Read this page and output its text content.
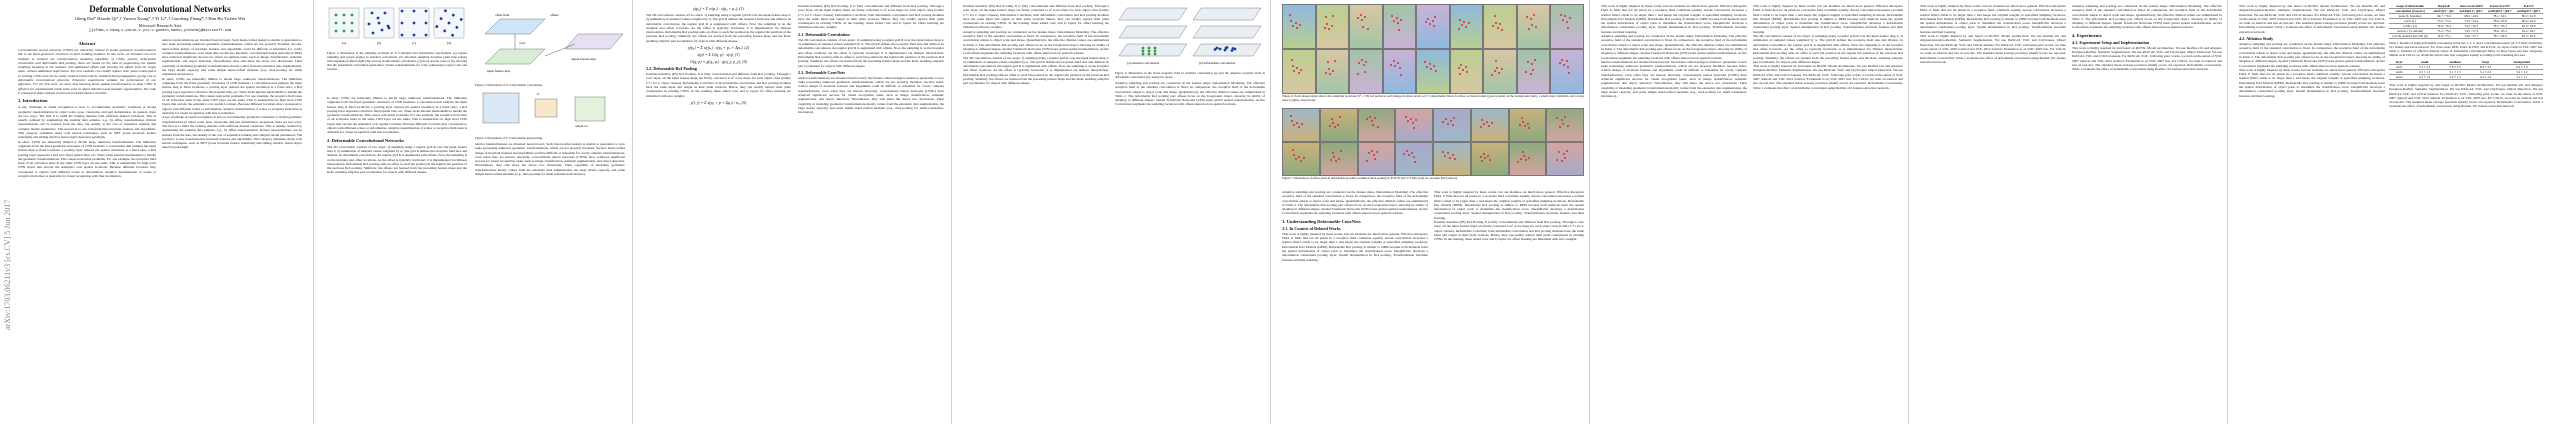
arXiv:1703.06211v3 [cs.CV] 5 Jun 2017
Deformable Convolutional Networks
Jifeng Dai* Haozhi Qi*,† Yuwen Xiong*,† Yi Li*,† Guodong Zhang*,† Han Hu Yichen Wei
Microsoft Research Asia
{jifdai,v-haoq,v-yuxio,v-yii,v-guodzh,hanhu,yichenw}@microsoft.com
Abstract
Convolutional neural networks (CNNs) are inherently limited to model geometric transformations due to the fixed geometric structures in their building modules. In this work, we introduce two new modules to enhance the transformation modeling capability of CNNs, namely, deformable convolution and deformable RoI pooling. Both are based on the idea of augmenting the spatial sampling locations in the modules with additional offsets and learning the offsets from the target tasks, without additional supervision. The new modules can readily replace their plain counterparts in existing CNNs and can be easily trained end-to-end by standard back-propagation, giving rise to deformable convolutional networks. Extensive experiments validate the performance of our approach. For the first time, we show that learning dense spatial transformation in deep CNNs is effective for sophisticated vision tasks such as object detection and semantic segmentation. The code is released at https://github.com/msracver/Deformable-ConvNets.
1. Introduction
A key challenge in visual recognition is how to accommodate geometric variations or model geometric transformations in object scale, pose, viewpoint, and part deformation. In general, there are two ways. The first is to build the training datasets with sufficient desired variations. This is usually realized by augmenting the existing data samples, e.g., by affine transformation. Robust representations can be learned from the data, but usually at the cost of expensive training and complex model parameters. The second is to use transformation-invariant features and algorithms. This category subsumes many well known techniques, such as SIFT (scale invariant feature transform) and sliding window based object detection paradigm.
In short, CNNs are inherently limited to model large, unknown transformations. The limitation originates from the fixed geometric structures of CNN modules: a convolution unit samples the input feature map at fixed locations; a pooling layer reduces the spatial resolution at a fixed ratio; a RoI pooling layer separates a RoI into fixed spatial bins, etc. There lacks internal mechanisms to handle the geometric transformations. This causes noticeable problems. For one example, the receptive field sizes of all activation units in the same CNN layer are the same. This is undesirable for high level CNN layers that encode the semantics over spatial locations. Because different locations may correspond to objects with different scales or deformation, adaptive determination of scales or receptive field sizes is desirable for visual recognition with fine localization.
tensive transformations are invented feed-forward. Such hand-crafted design is unable to generalize to new tasks possessing unknown geometric transformations, which are not properly modeled. Second, hand-crafted design of invariant features and algorithms could be difficult or infeasible for overly complex transformations, even when they are known. Recently, convolutional neural networks (CNNs) have achieved significant success for visual recognition tasks, such as image classification, semantic segmentation, and object detection. Nevertheless, they still share the above two drawbacks. Their capability of modeling geometric transformations mostly comes from the extensive data augmentation, the large model capacity, and some simple hand-crafted modules (e.g., max-pooling for small translation-invariance).
In short, CNNs are inherently limited to model large, unknown transformations. The limitation originates from the fixed geometric structures of CNN modules: a convolution unit samples the input feature map at fixed locations; a pooling layer reduces the spatial resolution at a fixed ratio; a RoI pooling layer separates a RoI into fixed spatial bins, etc. There lacks internal mechanisms to handle the geometric transformations. This causes noticeable problems. For one example, the receptive field sizes of all activation units in the same CNN layer are the same. This is undesirable for high level CNN layers that encode the semantics over spatial locations. Because different locations may correspond to objects with different scales or deformation, adaptive determination of scales or receptive field sizes is desirable for visual recognition with fine localization.
A key challenge in visual recognition is how to accommodate geometric variations or model geometric transformations in object scale, pose, viewpoint, and part deformation. In general, there are two ways. The first is to build the training datasets with sufficient desired variations. This is usually realized by augmenting the existing data samples, e.g., by affine transformation. Robust representations can be learned from the data, but usually at the cost of expensive training and complex model parameters. The second is to use transformation-invariant features and algorithms. This category subsumes many well known techniques, such as SIFT (scale invariant feature transform) and sliding window based object detection paradigm.
(a)	(b)	(c)	(d)
Figure 1: Illustration of the sampling locations in 3×3 standard and deformable convolutions. (a) regular sampling grid (green points) of standard convolution. (b) deformed sampling locations (dark blue points) with augmented offsets (light blue arrows) in deformable convolution. (c)(d) are special cases of (b), showing that the deformable convolution generalizes various transformations for scale, (anisotropic) aspect ratio and rotation.
In short, CNNs are inherently limited to model large, unknown transformations. The limitation originates from the fixed geometric structures of CNN modules: a convolution unit samples the input feature map at fixed locations; a pooling layer reduces the spatial resolution at a fixed ratio; a RoI pooling layer separates a RoI into fixed spatial bins, etc. There lacks internal mechanisms to handle the geometric transformations. This causes noticeable problems. For one example, the receptive field sizes of all activation units in the same CNN layer are the same. This is undesirable for high level CNN layers that encode the semantics over spatial locations. Because different locations may correspond to objects with different scales or deformation, adaptive determination of scales or receptive field sizes is desirable for visual recognition with fine localization.
2. Deformable Convolutional Networks
The 2D convolution consists of two steps: 1) sampling using a regular grid R over the input feature map x; 2) summation of sampled values weighted by w. The grid R defines the receptive field size and dilation. In deformable convolution, the regular grid R is augmented with offsets. Now, the sampling is on the irregular and offset locations. As the offset is typically fractional, it is implemented via bilinear interpolation. Deformable RoI pooling adds an offset to each bin position in the regular bin partition of the previous RoI pooling. Similarly, the offsets are learned from the preceding feature maps and the RoIs, enabling adaptive part localization for objects with different shapes.
offset field	offsets
input feature map
output feature map
conv
Figure 2: Illustration of 3×3 deformable convolution.
fc
output roi
Figure 3: Illustration of 3×3 deformable RoI pooling.
tensive transformations are invented feed-forward. Such hand-crafted design is unable to generalize to new tasks possessing unknown geometric transformations, which are not properly modeled. Second, hand-crafted design of invariant features and algorithms could be difficult or infeasible for overly complex transformations, even when they are known. Recently, convolutional neural networks (CNNs) have achieved significant success for visual recognition tasks, such as image classification, semantic segmentation, and object detection. Nevertheless, they still share the above two drawbacks. Their capability of modeling geometric transformations mostly comes from the extensive data augmentation, the large model capacity, and some simple hand-crafted modules (e.g., max-pooling for small translation-invariance).
y(p₀) = Σ w(pₙ) · x(p₀ + pₙ), (1)
The 2D convolution consists of two steps: 1) sampling using a regular grid R over the input feature map x; 2) summation of sampled values weighted by w. The grid R defines the receptive field size and dilation. In deformable convolution, the regular grid R is augmented with offsets. Now, the sampling is on the irregular and offset locations. As the offset is typically fractional, it is implemented via bilinear interpolation. Deformable RoI pooling adds an offset to each bin position in the regular bin partition of the previous RoI pooling. Similarly, the offsets are learned from the preceding feature maps and the RoIs, enabling adaptive part localization for objects with different shapes.
y(p₀) = Σ w(pₙ) · x(p₀ + pₙ + Δpₙ). (2)
x(p) = Σ G(q, p) · x(q), (3)
G(q, p) = g(qₓ, pₓ) · g(q_y, p_y), (4)
2.2. Deformable RoI Pooling
Position-Sensitive (PS) RoI Pooling. It is fully convolutional and different from RoI pooling. Through a conv layer, all the input feature maps are firstly converted to k² score maps for each object class (totally C+1 for C object classes). Deformable ConvNets: both deformable convolution and RoI pooling modules have the same input and output as their plain versions. Hence, they can readily replace their plain counterparts in existing CNNs. In the training, these added conv and fc layers for offset learning are initialized with zero weights.
y(i, j) = Σ x(p₀ + p + Δpᵢⱼ) / nᵢⱼ, (5)
Position-Sensitive (PS) RoI Pooling. It is fully convolutional and different from RoI pooling. Through a conv layer, all the input feature maps are firstly converted to k² score maps for each object class (totally C+1 for C object classes). Deformable ConvNets: both deformable convolution and RoI pooling modules have the same input and output as their plain versions. Hence, they can readily replace their plain counterparts in existing CNNs. In the training, these added conv and fc layers for offset learning are initialized with zero weights.
2.1. Deformable Convolution
The 2D convolution consists of two steps: 1) sampling using a regular grid R over the input feature map x; 2) summation of sampled values weighted by w. The grid R defines the receptive field size and dilation. In deformable convolution, the regular grid R is augmented with offsets. Now, the sampling is on the irregular and offset locations. As the offset is typically fractional, it is implemented via bilinear interpolation. Deformable RoI pooling adds an offset to each bin position in the regular bin partition of the previous RoI pooling. Similarly, the offsets are learned from the preceding feature maps and the RoIs, enabling adaptive part localization for objects with different shapes.
2.3. Deformable ConvNets
tensive transformations are invented feed-forward. Such hand-crafted design is unable to generalize to new tasks possessing unknown geometric transformations, which are not properly modeled. Second, hand-crafted design of invariant features and algorithms could be difficult or infeasible for overly complex transformations, even when they are known. Recently, convolutional neural networks (CNNs) have achieved significant success for visual recognition tasks, such as image classification, semantic segmentation, and object detection. Nevertheless, they still share the above two drawbacks. Their capability of modeling geometric transformations mostly comes from the extensive data augmentation, the large model capacity, and some simple hand-crafted modules (e.g., max-pooling for small translation-invariance).
Position-Sensitive (PS) RoI Pooling. It is fully convolutional and different from RoI pooling. Through a conv layer, all the input feature maps are firstly converted to k² score maps for each object class (totally C+1 for C object classes). Deformable ConvNets: both deformable convolution and RoI pooling modules have the same input and output as their plain versions. Hence, they can readily replace their plain counterparts in existing CNNs. In the training, these added conv and fc layers for offset learning are initialized with zero weights.
Adaptive sampling and pooling are conducted on the feature maps. Deformation Modeling. The effective receptive field of the standard convolution is fixed. In comparison, the receptive field of the deformable convolution adapts to object scale and shape. Quantitatively, the effective dilation values are summarized in Table 2. The deformable RoI pooling part offsets focus on the foreground object, showing its ability of adapting to different shapes. Spatial Transform Networks (STN) learn global spatial transformation. Active Convolution augments the sampling locations with offsets shared across spatial locations.
The 2D convolution consists of two steps: 1) sampling using a regular grid R over the input feature map x; 2) summation of sampled values weighted by w. The grid R defines the receptive field size and dilation. In deformable convolution, the regular grid R is augmented with offsets. Now, the sampling is on the irregular and offset locations. As the offset is typically fractional, it is implemented via bilinear interpolation. Deformable RoI pooling adds an offset to each bin position in the regular bin partition of the previous RoI pooling. Similarly, the offsets are learned from the preceding feature maps and the RoIs, enabling adaptive part localization for objects with different shapes.
(a) standard convolution	(b) deformable convolution
Figure 5: Illustration of the fixed receptive field in standard convolution (a) and the adaptive receptive field in deformable convolution (b), using two layers.
Adaptive sampling and pooling are conducted on the feature maps. Deformation Modeling. The effective receptive field of the standard convolution is fixed. In comparison, the receptive field of the deformable convolution adapts to object scale and shape. Quantitatively, the effective dilation values are summarized in Table 2. The deformable RoI pooling part offsets focus on the foreground object, showing its ability of adapting to different shapes. Spatial Transform Networks (STN) learn global spatial transformation. Active Convolution augments the sampling locations with offsets shared across spatial locations.
Figure 6: Each image triplet shows the sampling locations (9³ = 729 red points in each image) in three levels of 3×3 deformable filters for three activation units (green points) on the background (left), a small object (middle), and a large object (right), respectively.
Figure 7: Illustration of offset parts in deformable (positive sensitive) RoI pooling in R-FCN and 3×3 bins (red) for an input RoI (yellow).
Adaptive sampling and pooling are conducted on the feature maps. Deformation Modeling. The effective receptive field of the standard convolution is fixed. In comparison, the receptive field of the deformable convolution adapts to object scale and shape. Quantitatively, the effective dilation values are summarized in Table 2. The deformable RoI pooling part offsets focus on the foreground object, showing its ability of adapting to different shapes. Spatial Transform Networks (STN) learn global spatial transformation. Active Convolution augments the sampling locations with offsets shared across spatial locations.
3. Understanding Deformable ConvNets
3.1. In Context of Related Works
This work is highly inspired by these works, but our modules are much more general. Effective Receptive Field. It finds that not all pixels in a receptive field contribute equally. Atrous convolution increases a normal filter's stride to be larger than 1 and keeps the original weights at sparsified sampling locations. Deformable Part Models (DPM). Deformable RoI pooling is similar to DPM because both methods learn the spatial deformation of object parts to maximize the classification score. DeepID-Net develops a deformation constrained pooling layer. Spatial manipulation in RoI pooling. Transformation invariant features and their learning.
This work is highly inspired by these works, but our modules are much more general. Effective Receptive Field. It finds that not all pixels in a receptive field contribute equally. Atrous convolution increases a normal filter's stride to be larger than 1 and keeps the original weights at sparsified sampling locations. Deformable Part Models (DPM). Deformable RoI pooling is similar to DPM because both methods learn the spatial deformation of object parts to maximize the classification score. DeepID-Net develops a deformation constrained pooling layer. Spatial manipulation in RoI pooling. Transformation invariant features and their learning.
Position-Sensitive (PS) RoI Pooling. It is fully convolutional and different from RoI pooling. Through a conv layer, all the input feature maps are firstly converted to k² score maps for each object class (totally C+1 for C object classes). Deformable ConvNets: both deformable convolution and RoI pooling modules have the same input and output as their plain versions. Hence, they can readily replace their plain counterparts in existing CNNs. In the training, these added conv and fc layers for offset learning are initialized with zero weights.
This work is highly inspired by these works, but our modules are much more general. Effective Receptive Field. It finds that not all pixels in a receptive field contribute equally. Atrous convolution increases a normal filter's stride to be larger than 1 and keeps the original weights at sparsified sampling locations. Deformable Part Models (DPM). Deformable RoI pooling is similar to DPM because both methods learn the spatial deformation of object parts to maximize the classification score. DeepID-Net develops a deformation constrained pooling layer. Spatial manipulation in RoI pooling. Transformation invariant features and their learning.
Adaptive sampling and pooling are conducted on the feature maps. Deformation Modeling. The effective receptive field of the standard convolution is fixed. In comparison, the receptive field of the deformable convolution adapts to object scale and shape. Quantitatively, the effective dilation values are summarized in Table 2. The deformable RoI pooling part offsets focus on the foreground object, showing its ability of adapting to different shapes. Spatial Transform Networks (STN) learn global spatial transformation. Active Convolution augments the sampling locations with offsets shared across spatial locations.
tensive transformations are invented feed-forward. Such hand-crafted design is unable to generalize to new tasks possessing unknown geometric transformations, which are not properly modeled. Second, hand-crafted design of invariant features and algorithms could be difficult or infeasible for overly complex transformations, even when they are known. Recently, convolutional neural networks (CNNs) have achieved significant success for visual recognition tasks, such as image classification, semantic segmentation, and object detection. Nevertheless, they still share the above two drawbacks. Their capability of modeling geometric transformations mostly comes from the extensive data augmentation, the large model capacity, and some simple hand-crafted modules (e.g., max-pooling for small translation-invariance).
This work is highly inspired by these works, but our modules are much more general. Effective Receptive Field. It finds that not all pixels in a receptive field contribute equally. Atrous convolution increases a normal filter's stride to be larger than 1 and keeps the original weights at sparsified sampling locations. Deformable Part Models (DPM). Deformable RoI pooling is similar to DPM because both methods learn the spatial deformation of object parts to maximize the classification score. DeepID-Net develops a deformation constrained pooling layer. Spatial manipulation in RoI pooling. Transformation invariant features and their learning.
The 2D convolution consists of two steps: 1) sampling using a regular grid R over the input feature map x; 2) summation of sampled values weighted by w. The grid R defines the receptive field size and dilation. In deformable convolution, the regular grid R is augmented with offsets. Now, the sampling is on the irregular and offset locations. As the offset is typically fractional, it is implemented via bilinear interpolation. Deformable RoI pooling adds an offset to each bin position in the regular bin partition of the previous RoI pooling. Similarly, the offsets are learned from the preceding feature maps and the RoIs, enabling adaptive part localization for objects with different shapes.
This work is highly inspired by and based on RCNN. Model Architecture. We use ResNet-101 and Aligned-Inception-ResNet. Semantic Segmentation. We use PASCAL VOC and CityScapes. Object Detection. We use PASCAL VOC and COCO datasets. For PASCAL VOC, following prior works, we train on the union of VOC 2007 trainval and VOC 2012 trainval. Evaluation is on VOC 2007 test. For COCO, we train on trainval and test on test-dev. The standard mean average precision (mAP) scores are reported. Deformable Convolution. Table 1 evaluates the effect of deformable convolution using ResNet-101 feature extraction network.
This work is highly inspired by these works, but our modules are much more general. Effective Receptive Field. It finds that not all pixels in a receptive field contribute equally. Atrous convolution increases a normal filter's stride to be larger than 1 and keeps the original weights at sparsified sampling locations. Deformable Part Models (DPM). Deformable RoI pooling is similar to DPM because both methods learn the spatial deformation of object parts to maximize the classification score. DeepID-Net develops a deformation constrained pooling layer. Spatial manipulation in RoI pooling. Transformation invariant features and their learning.
This work is highly inspired by and based on RCNN. Model Architecture. We use ResNet-101 and Aligned-Inception-ResNet. Semantic Segmentation. We use PASCAL VOC and CityScapes. Object Detection. We use PASCAL VOC and COCO datasets. For PASCAL VOC, following prior works, we train on the union of VOC 2007 trainval and VOC 2012 trainval. Evaluation is on VOC 2007 test. For COCO, we train on trainval and test on test-dev. The standard mean average precision (mAP) scores are reported. Deformable Convolution. Table 1 evaluates the effect of deformable convolution using ResNet-101 feature extraction network.
Adaptive sampling and pooling are conducted on the feature maps. Deformation Modeling. The effective receptive field of the standard convolution is fixed. In comparison, the receptive field of the deformable convolution adapts to object scale and shape. Quantitatively, the effective dilation values are summarized in Table 2. The deformable RoI pooling part offsets focus on the foreground object, showing its ability of adapting to different shapes. Spatial Transform Networks (STN) learn global spatial transformation. Active Convolution augments the sampling locations with offsets shared across spatial locations.
4. Experiments
4.1. Experiment Setup and Implementation
This work is highly inspired by and based on RCNN. Model Architecture. We use ResNet-101 and Aligned-Inception-ResNet. Semantic Segmentation. We use PASCAL VOC and CityScapes. Object Detection. We use PASCAL VOC and COCO datasets. For PASCAL VOC, following prior works, we train on the union of VOC 2007 trainval and VOC 2012 trainval. Evaluation is on VOC 2007 test. For COCO, we train on trainval and test on test-dev. The standard mean average precision (mAP) scores are reported. Deformable Convolution. Table 1 evaluates the effect of deformable convolution using ResNet-101 feature extraction network.
This work is highly inspired by and based on RCNN. Model Architecture. We use ResNet-101 and Aligned-Inception-ResNet. Semantic Segmentation. We use PASCAL VOC and CityScapes. Object Detection. We use PASCAL VOC and COCO datasets. For PASCAL VOC, following prior works, we train on the union of VOC 2007 trainval and VOC 2012 trainval. Evaluation is on VOC 2007 test. For COCO, we train on trainval and test on test-dev. The standard mean average precision (mAP) scores are reported. Deformable Convolution. Table 1 evaluates the effect of deformable convolution using ResNet-101 feature extraction network.
4.2. Ablation Study
Adaptive sampling and pooling are conducted on the feature maps. Deformation Modeling. The effective receptive field of the standard convolution is fixed. In comparison, the receptive field of the deformable convolution adapts to object scale and shape. Quantitatively, the effective dilation values are summarized in Table 2. The deformable RoI pooling part offsets focus on the foreground object, showing its ability of adapting to different shapes. Spatial Transform Networks (STN) learn global spatial transformation. Active Convolution augments the sampling locations with offsets shared across spatial locations.
This work is highly inspired by these works, but our modules are much more general. Effective Receptive Field. It finds that not all pixels in a receptive field contribute equally. Atrous convolution increases a normal filter's stride to be larger than 1 and keeps the original weights at sparsified sampling locations. Deformable Part Models (DPM). Deformable RoI pooling is similar to DPM because both methods learn the spatial deformation of object parts to maximize the classification score. DeepID-Net develops a deformation constrained pooling layer. Spatial manipulation in RoI pooling. Transformation invariant features and their learning.
usage of deformable	DeepLab	class-aware RPN	Faster R-CNN	R-FCN
convolution (# layers)	mIoU@V / @C	mAP@0.5 / @0.7	mAP@0.5 / @0.7	mAP@0.5 / @0.7
none (0, baseline)	69.7 / 70.4	68.0 / 44.9	78.1 / 62.1	80.0 / 61.8
res5c (1)	73.9 / 73.5	73.5 / 54.4	78.6 / 63.8	80.6 / 63.0
res5b,c (2)	74.8 / 74.4	74.3 / 56.3	78.5 / 63.3	81.0 / 63.8
res5a,b,c (3, default)	75.2 / 75.2	74.5 / 57.2	78.6 / 63.3	81.4 / 64.7
res5 & res4b22,b21,b20 (6)	74.8 / 75.1	74.6 / 57.7	78.7 / 64.0	81.5 / 65.4
Table 1: Results of using deformable convolution in the last 1, 2, 3, and 6 convolutional layers (of 3×3 filter) in ResNet-101 feature extraction network. For class-aware RPN, Faster R-CNN, and R-FCN, we report result on VOC 2007 test. Table 2: Statistics of effective dilation values of deformable convolutional filters on three layers and four categories. Similar as in COCO, we divide the objects into four categories equally according to the bounding box area.
layer	small	medium	large	background
res5c	5.3 ± 3.3	5.8 ± 3.5	8.4 ± 4.5	6.2 ± 3.0
res5b	2.5 ± 1.3	3.1 ± 1.5	5.1 ± 2.5	3.2 ± 1.2
res5a	2.2 ± 1.2	2.9 ± 1.3	4.2 ± 1.6	3.1 ± 1.1
This work is highly inspired by and based on RCNN. Model Architecture. We use ResNet-101 and Aligned-Inception-ResNet. Semantic Segmentation. We use PASCAL VOC and CityScapes. Object Detection. We use PASCAL VOC and COCO datasets. For PASCAL VOC, following prior works, we train on the union of VOC 2007 trainval and VOC 2012 trainval. Evaluation is on VOC 2007 test. For COCO, we train on trainval and test on test-dev. The standard mean average precision (mAP) scores are reported. Deformable Convolution. Table 1 evaluates the effect of deformable convolution using ResNet-101 feature extraction network.
